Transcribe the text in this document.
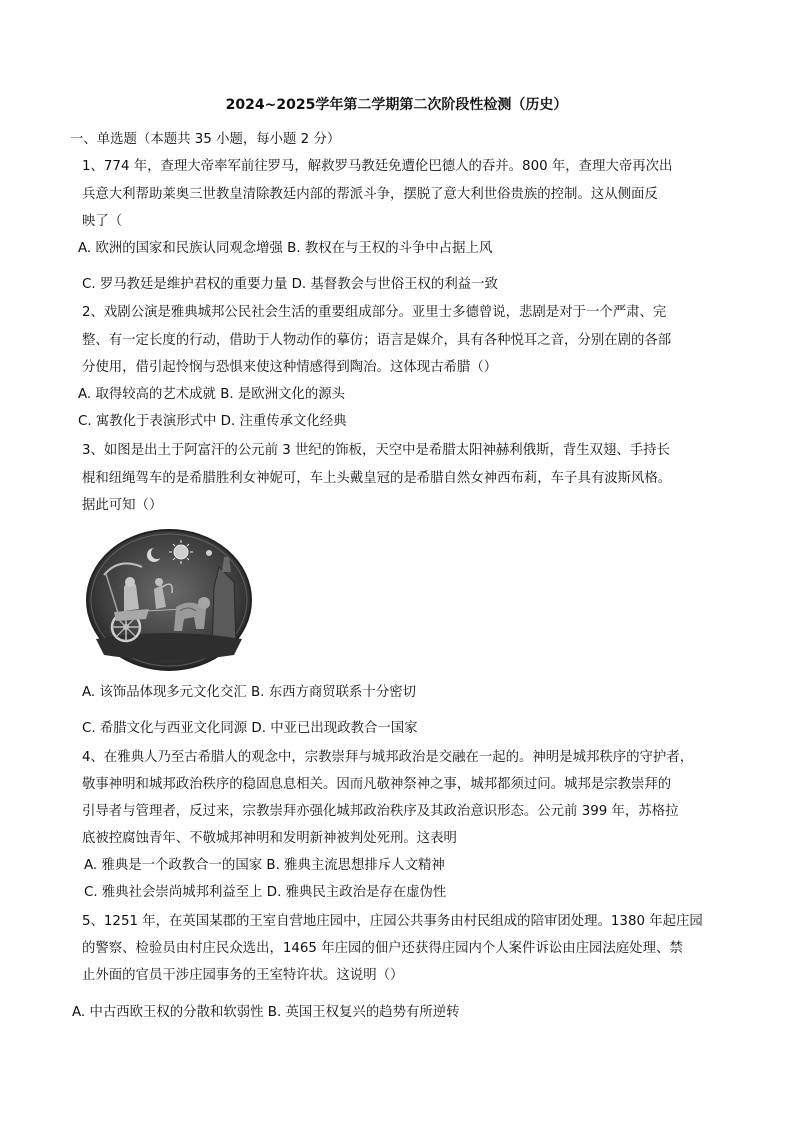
2024~2025学年第二学期第二次阶段性检测（历史）
一、单选题（本题共 35 小题，每小题 2 分）
1、774 年，查理大帝率军前往罗马，解救罗马教廷免遭伦巴德人的吞并。800 年，查理大帝再次出
兵意大利帮助莱奥三世教皇清除教廷内部的帮派斗争，摆脱了意大利世俗贵族的控制。这从侧面反
映了（
A. 欧洲的国家和民族认同观念增强 B. 教权在与王权的斗争中占据上风
C. 罗马教廷是维护君权的重要力量 D. 基督教会与世俗王权的利益一致
2、戏剧公演是雅典城邦公民社会生活的重要组成部分。亚里士多德曾说，悲剧是对于一个严肃、完
整、有一定长度的行动，借助于人物动作的摹仿；语言是媒介，具有各种悦耳之音，分别在剧的各部
分使用，借引起怜悯与恐惧来使这种情感得到陶冶。这体现古希腊（）
A. 取得较高的艺术成就 B. 是欧洲文化的源头
C. 寓教化于表演形式中 D. 注重传承文化经典
3、如图是出土于阿富汗的公元前 3 世纪的饰板，天空中是希腊太阳神赫利俄斯，背生双翅、手持长
棍和纽绳驾车的是希腊胜利女神妮可，车上头戴皇冠的是希腊自然女神西布莉，车子具有波斯风格。
据此可知（）
A. 该饰品体现多元文化交汇 B. 东西方商贸联系十分密切
C. 希腊文化与西亚文化同源 D. 中亚已出现政教合一国家
4、在雅典人乃至古希腊人的观念中，宗教崇拜与城邦政治是交融在一起的。神明是城邦秩序的守护者，
敬事神明和城邦政治秩序的稳固息息相关。因而凡敬神祭神之事，城邦都须过问。城邦是宗教崇拜的
引导者与管理者，反过来，宗教崇拜亦强化城邦政治秩序及其政治意识形态。公元前 399 年，苏格拉
底被控腐蚀青年、不敬城邦神明和发明新神被判处死刑。这表明
A. 雅典是一个政教合一的国家 B. 雅典主流思想排斥人文精神
C. 雅典社会崇尚城邦利益至上 D. 雅典民主政治是存在虚伪性
5、1251 年，在英国某郡的王室自营地庄园中，庄园公共事务由村民组成的陪审团处理。1380 年起庄园
的警察、检验员由村庄民众选出，1465 年庄园的佃户还获得庄园内个人案件诉讼由庄园法庭处理、禁
止外面的官员干涉庄园事务的王室特许状。这说明（）
A. 中古西欧王权的分散和软弱性 B. 英国王权复兴的趋势有所逆转
